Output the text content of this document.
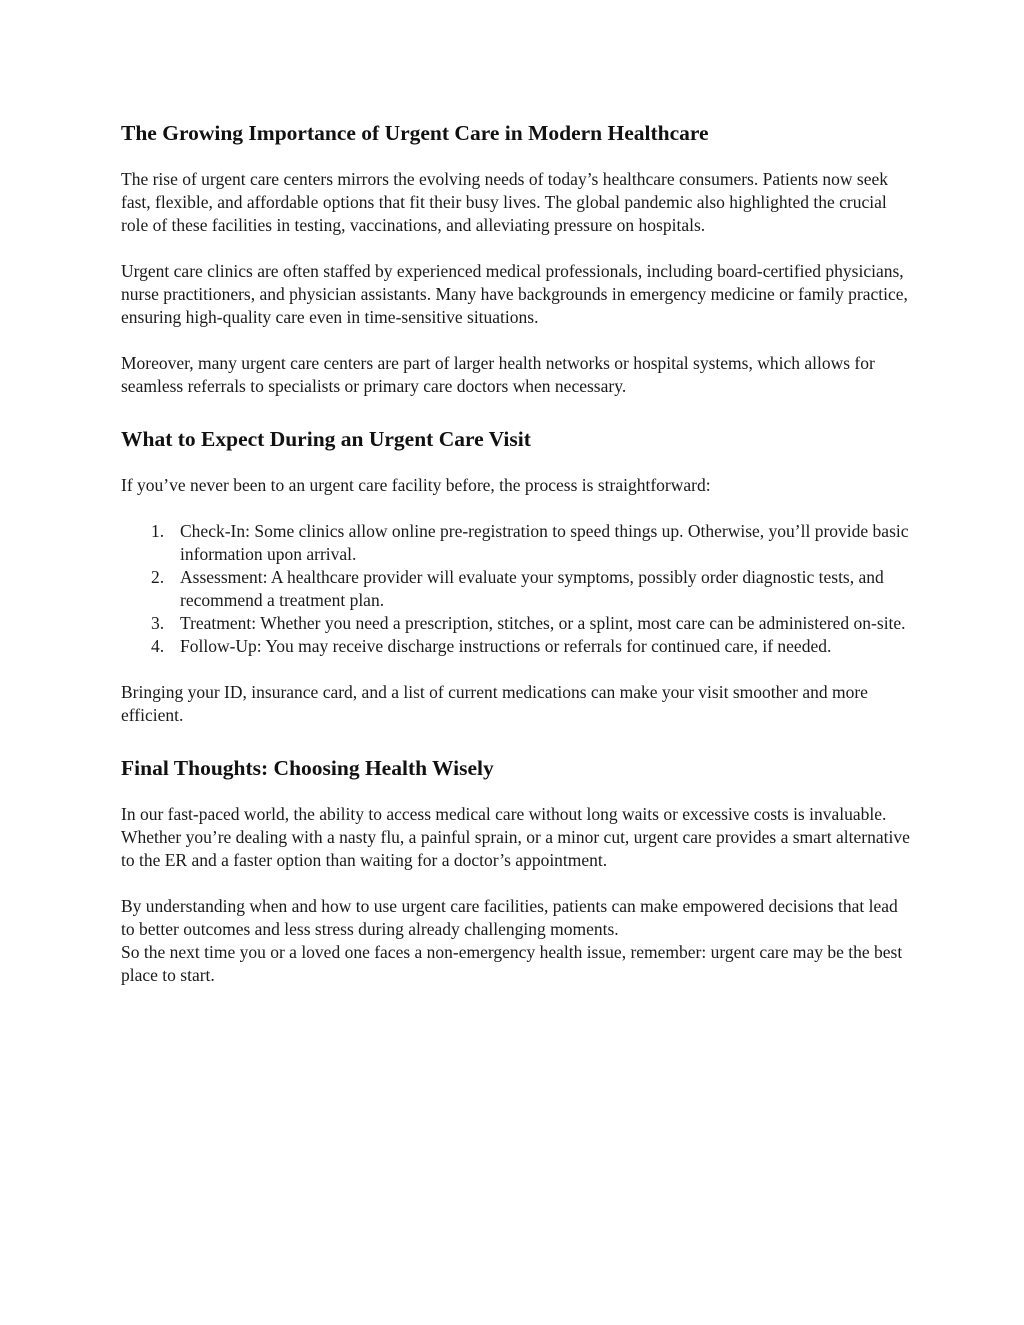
The Growing Importance of Urgent Care in Modern Healthcare

The rise of urgent care centers mirrors the evolving needs of today’s healthcare consumers. Patients now seek fast, flexible, and affordable options that fit their busy lives. The global pandemic also highlighted the crucial role of these facilities in testing, vaccinations, and alleviating pressure on hospitals.

Urgent care clinics are often staffed by experienced medical professionals, including board-certified physicians, nurse practitioners, and physician assistants. Many have backgrounds in emergency medicine or family practice, ensuring high-quality care even in time-sensitive situations.

Moreover, many urgent care centers are part of larger health networks or hospital systems, which allows for seamless referrals to specialists or primary care doctors when necessary.

What to Expect During an Urgent Care Visit

If you’ve never been to an urgent care facility before, the process is straightforward:

1. Check-In: Some clinics allow online pre-registration to speed things up. Otherwise, you’ll provide basic information upon arrival.
2. Assessment: A healthcare provider will evaluate your symptoms, possibly order diagnostic tests, and recommend a treatment plan.
3. Treatment: Whether you need a prescription, stitches, or a splint, most care can be administered on-site.
4. Follow-Up: You may receive discharge instructions or referrals for continued care, if needed.

Bringing your ID, insurance card, and a list of current medications can make your visit smoother and more efficient.

Final Thoughts: Choosing Health Wisely

In our fast-paced world, the ability to access medical care without long waits or excessive costs is invaluable. Whether you’re dealing with a nasty flu, a painful sprain, or a minor cut, urgent care provides a smart alternative to the ER and a faster option than waiting for a doctor’s appointment.

By understanding when and how to use urgent care facilities, patients can make empowered decisions that lead to better outcomes and less stress during already challenging moments.

So the next time you or a loved one faces a non-emergency health issue, remember: urgent care may be the best place to start.
